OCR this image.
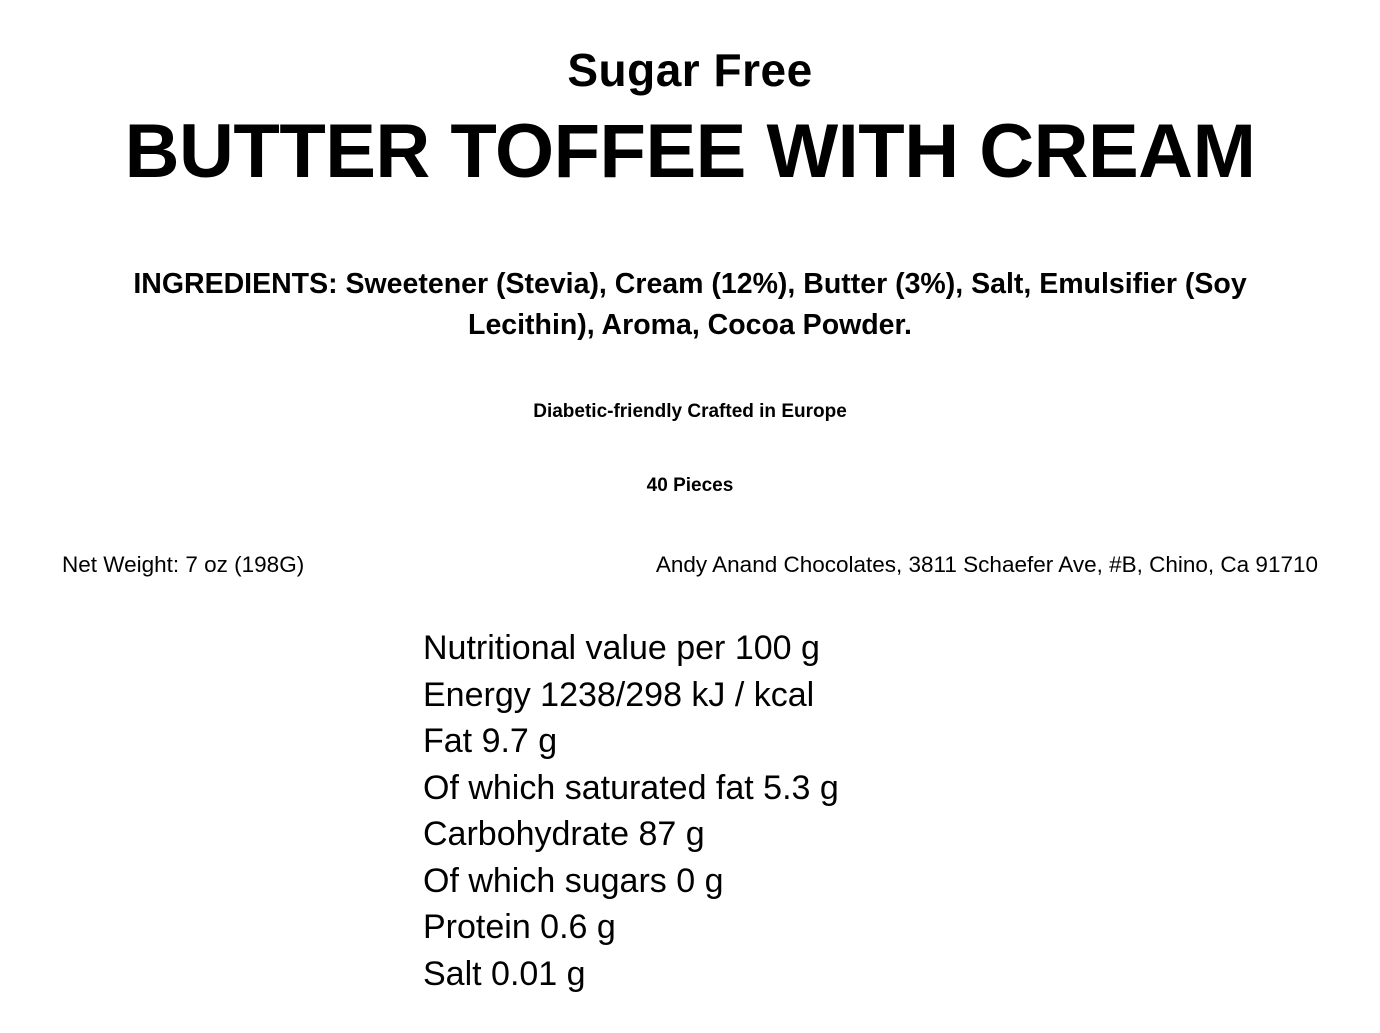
Sugar Free
BUTTER TOFFEE WITH CREAM
INGREDIENTS: Sweetener (Stevia), Cream (12%), Butter (3%), Salt, Emulsifier (Soy Lecithin), Aroma, Cocoa Powder.
Diabetic-friendly Crafted in Europe
40 Pieces
Net Weight: 7 oz (198G)	Andy Anand Chocolates, 3811 Schaefer Ave, #B, Chino, Ca 91710
Nutritional value per 100 g
Energy 1238/298 kJ / kcal
Fat 9.7 g
Of which saturated fat 5.3 g
Carbohydrate 87 g
Of which sugars 0 g
Protein 0.6 g
Salt 0.01 g
